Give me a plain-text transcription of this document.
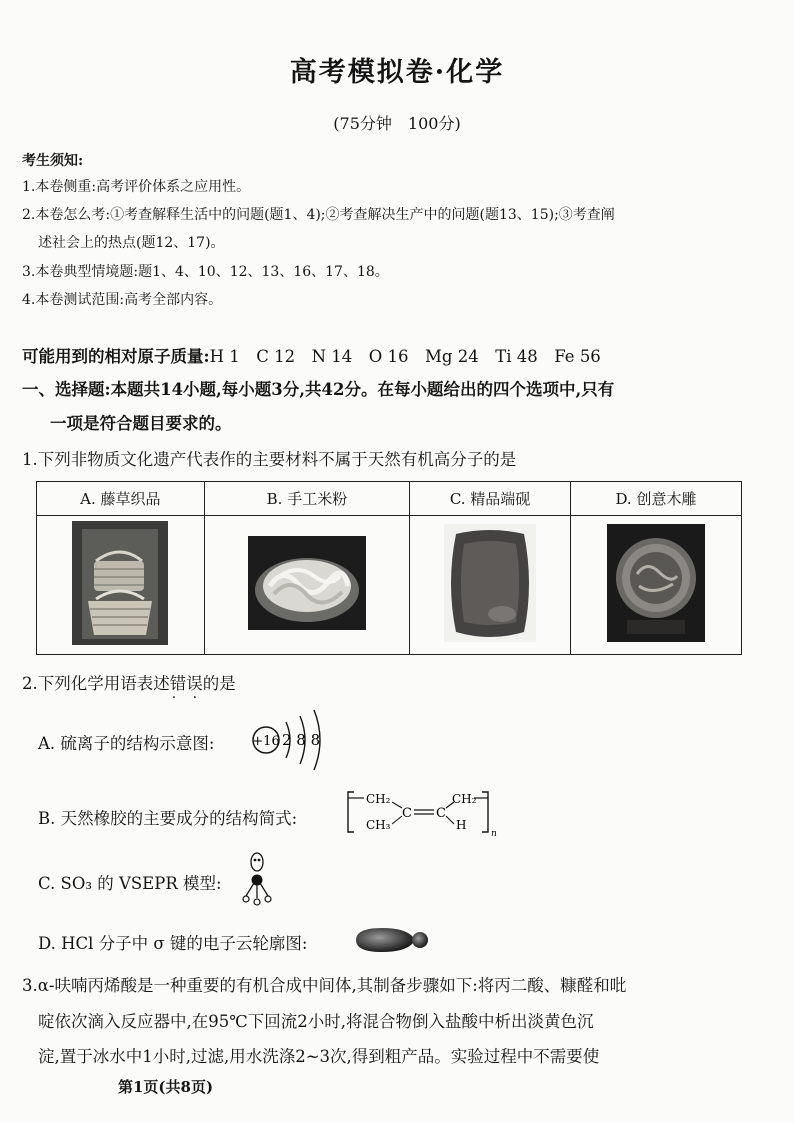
高考模拟卷·化学
(75分钟　100分)
考生须知:
1.本卷侧重:高考评价体系之应用性。
2.本卷怎么考:①考查解释生活中的问题(题1、4);②考查解决生产中的问题(题13、15);③考查阐
述社会上的热点(题12、17)。
3.本卷典型情境题:题1、4、10、12、13、16、17、18。
4.本卷测试范围:高考全部内容。
可能用到的相对原子质量:H 1　C 12　N 14　O 16　Mg 24　Ti 48　Fe 56
一、选择题:本题共14小题,每小题3分,共42分。在每小题给出的四个选项中,只有
一项是符合题目要求的。
1.下列非物质文化遗产代表作的主要材料不属于天然有机高分子的是
A. 藤草织品	B. 手工米粉	C. 精品端砚	D. 创意木雕

2.下列化学用语表述错误 · ·的是
A. 硫离子的结构示意图:	+16 2 8 8
B. 天然橡胶的主要成分的结构简式:
CH₂
CH₃
C C
CH₂
H
n
C. SO₃ 的 VSEPR 模型:
D. HCl 分子中 σ 键的电子云轮廓图:
3.α-呋喃丙烯酸是一种重要的有机合成中间体,其制备步骤如下:将丙二酸、糠醛和吡
啶依次滴入反应器中,在95℃下回流2小时,将混合物倒入盐酸中析出淡黄色沉
淀,置于冰水中1小时,过滤,用水洗涤2~3次,得到粗产品。实验过程中不需要使
第1页(共8页)
